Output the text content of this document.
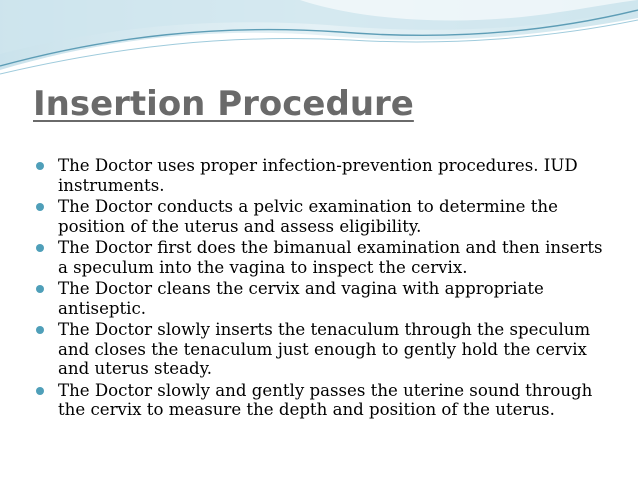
Insertion Procedure
The Doctor uses proper infection-prevention procedures. IUD instruments.
The Doctor conducts a pelvic examination to determine the position of the uterus and assess eligibility.
The Doctor first does the bimanual examination and then inserts a speculum into the vagina to inspect the cervix.
The Doctor cleans the cervix and vagina with appropriate antiseptic.
The Doctor slowly inserts the tenaculum through the speculum and closes the tenaculum just enough to gently hold the cervix and uterus steady.
The Doctor slowly and gently passes the uterine sound through the cervix to measure the depth and position of the uterus.
